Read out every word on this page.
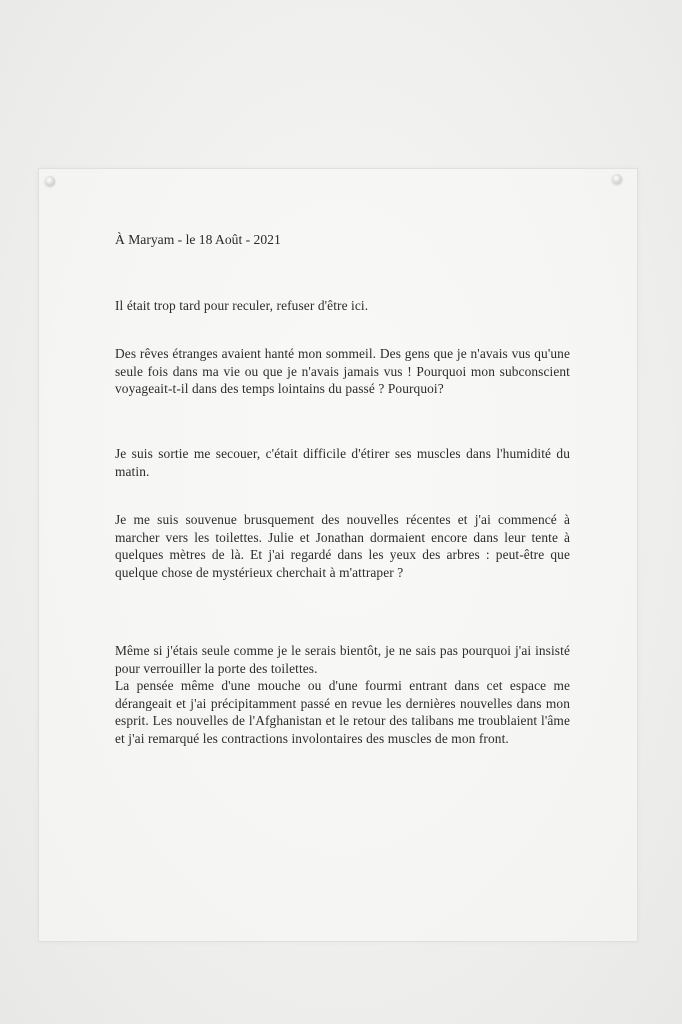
À Maryam - le 18 Août - 2021
Il était trop tard pour reculer, refuser d'être ici.
Des rêves étranges avaient hanté mon sommeil. Des gens que je n'avais vus qu'une seule fois dans ma vie ou que je n'avais jamais vus ! Pourquoi mon subconscient voyageait-t-il dans des temps lointains du passé ? Pourquoi?
Je suis sortie me secouer, c'était difficile d'étirer ses muscles dans l'humidité du matin.
Je me suis souvenue brusquement des nouvelles récentes et j'ai commencé à marcher vers les toilettes. Julie et Jonathan dormaient encore dans leur tente à quelques mètres de là. Et j'ai regardé dans les yeux des arbres : peut-être que quelque chose de mystérieux cherchait à m'attraper ?
Même si j'étais seule comme je le serais bientôt, je ne sais pas pourquoi j'ai insisté pour verrouiller la porte des toilettes.
La pensée même d'une mouche ou d'une fourmi entrant dans cet espace me dérangeait et j'ai précipitamment passé en revue les dernières nouvelles dans mon esprit. Les nouvelles de l'Afghanistan et le retour des talibans me troublaient l'âme et j'ai remarqué les contractions involontaires des muscles de mon front.
